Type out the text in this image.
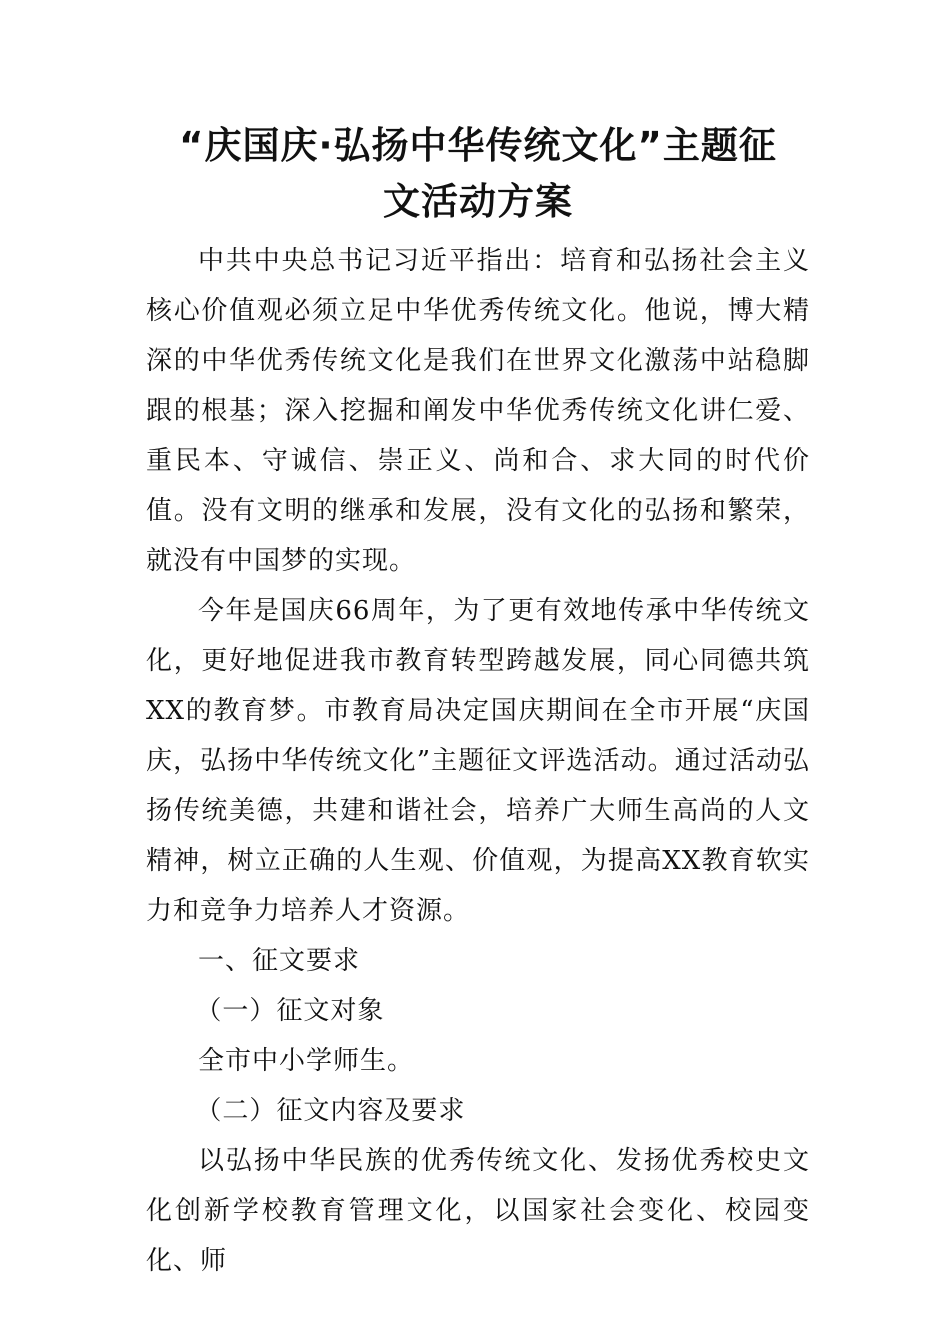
“庆国庆·弘扬中华传统文化”主题征
文活动方案

中共中央总书记习近平指出：培育和弘扬社会主义核心价值观必须立足中华优秀传统文化。他说，博大精深的中华优秀传统文化是我们在世界文化激荡中站稳脚跟的根基；深入挖掘和阐发中华优秀传统文化讲仁爱、重民本、守诚信、崇正义、尚和合、求大同的时代价值。没有文明的继承和发展，没有文化的弘扬和繁荣，就没有中国梦的实现。

今年是国庆66周年，为了更有效地传承中华传统文化，更好地促进我市教育转型跨越发展，同心同德共筑XX的教育梦。市教育局决定国庆期间在全市开展“庆国庆，弘扬中华传统文化”主题征文评选活动。通过活动弘扬传统美德，共建和谐社会，培养广大师生高尚的人文精神，树立正确的人生观、价值观，为提高XX教育软实力和竞争力培养人才资源。

一、征文要求

（一）征文对象

全市中小学师生。

（二）征文内容及要求

以弘扬中华民族的优秀传统文化、发扬优秀校史文化创新学校教育管理文化，以国家社会变化、校园变化、师
